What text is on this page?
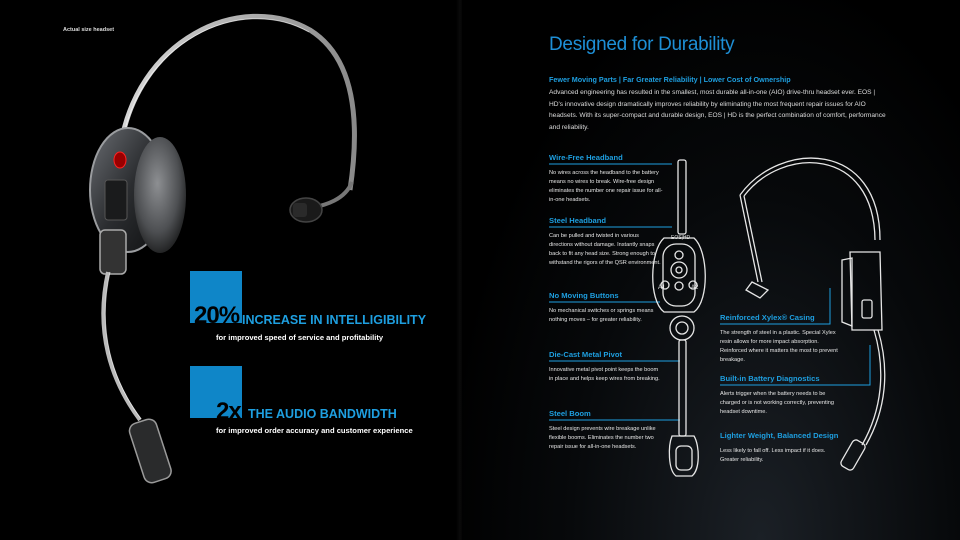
Actual size headset
20% INCREASE IN INTELLIGIBILITY
for improved speed of service and profitability
2x THE AUDIO BANDWIDTH
for improved order accuracy and customer experience
Designed for Durability
Fewer Moving Parts | Far Greater Reliability | Lower Cost of Ownership
Advanced engineering has resulted in the smallest, most durable all-in-one (AIO) drive-thru headset ever. EOS | HD's innovative design dramatically improves reliability by eliminating the most frequent repair issues for AIO headsets. With its super-compact and durable design, EOS | HD is the perfect combination of comfort, performance and reliability.
EOS|HD
A1	A2
Wire-Free Headband
No wires across the headband to the battery means no wires to break. Wire-free design eliminates the number one repair issue for all-in-one headsets.
Steel Headband
Can be pulled and twisted in various directions without damage. Instantly snaps back to fit any head size. Strong enough to withstand the rigors of the QSR environment.
No Moving Buttons
No mechanical switches or springs means nothing moves – for greater reliability.
Die-Cast Metal Pivot
Innovative metal pivot point keeps the boom in place and helps keep wires from breaking.
Steel Boom
Steel design prevents wire breakage unlike flexible booms. Eliminates the number two repair issue for all-in-one headsets.
Reinforced Xylex® Casing
The strength of steel in a plastic. Special Xylex resin allows for more impact absorption. Reinforced where it matters the most to prevent breakage.
Built-in Battery Diagnostics
Alerts trigger when the battery needs to be charged or is not working correctly, preventing headset downtime.
Lighter Weight, Balanced Design
Less likely to fall off. Less impact if it does. Greater reliability.
